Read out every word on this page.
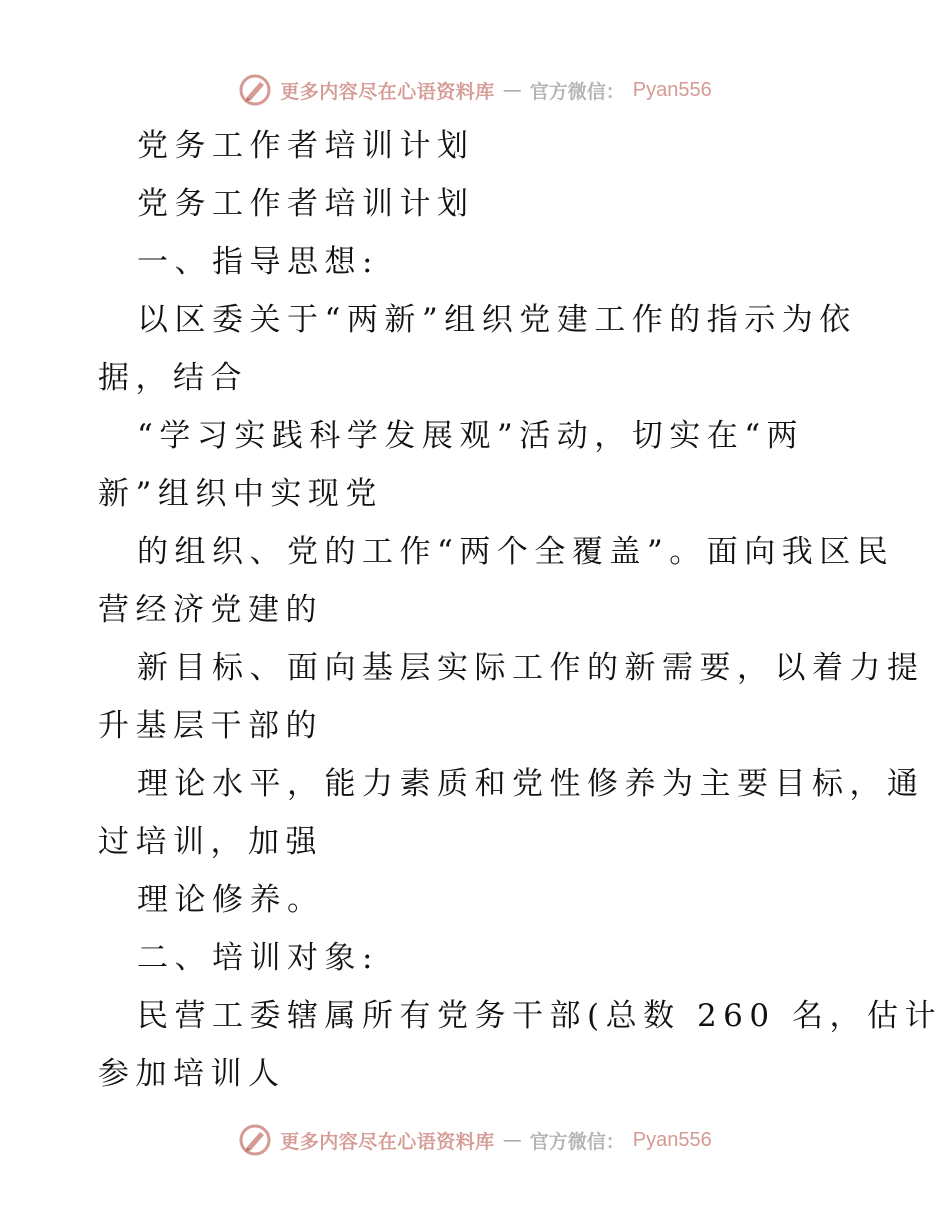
更多内容尽在心语资料库 — 官方微信： Pyan556
党务工作者培训计划
党务工作者培训计划
一、指导思想:
以区委关于“两新”组织党建工作的指示为依
据，结合
“学习实践科学发展观”活动，切实在“两
新”组织中实现党
的组织、党的工作“两个全覆盖”。面向我区民
营经济党建的
新目标、面向基层实际工作的新需要，以着力提
升基层干部的
理论水平，能力素质和党性修养为主要目标，通
过培训，加强
理论修养。
二、培训对象:
民营工委辖属所有党务干部(总数 260 名，估计
参加培训人
更多内容尽在心语资料库 — 官方微信： Pyan556
